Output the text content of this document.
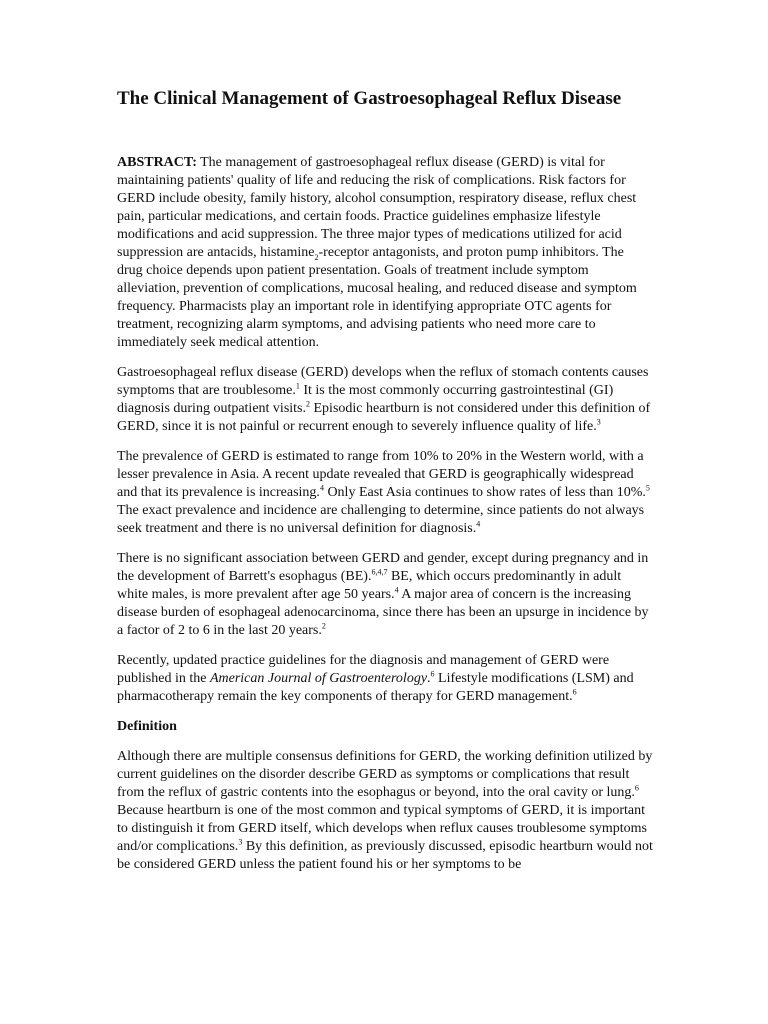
The Clinical Management of Gastroesophageal Reflux Disease

ABSTRACT: The management of gastroesophageal reflux disease (GERD) is vital for maintaining patients' quality of life and reducing the risk of complications. Risk factors for GERD include obesity, family history, alcohol consumption, respiratory disease, reflux chest pain, particular medications, and certain foods. Practice guidelines emphasize lifestyle modifications and acid suppression. The three major types of medications utilized for acid suppression are antacids, histamine$_2$-receptor antagonists, and proton pump inhibitors. The drug choice depends upon patient presentation. Goals of treatment include symptom alleviation, prevention of complications, mucosal healing, and reduced disease and symptom frequency. Pharmacists play an important role in identifying appropriate OTC agents for treatment, recognizing alarm symptoms, and advising patients who need more care to immediately seek medical attention.

Gastroesophageal reflux disease (GERD) develops when the reflux of stomach contents causes symptoms that are troublesome.$^1$ It is the most commonly occurring gastrointestinal (GI) diagnosis during outpatient visits.$^2$ Episodic heartburn is not considered under this definition of GERD, since it is not painful or recurrent enough to severely influence quality of life.$^3$

The prevalence of GERD is estimated to range from 10% to 20% in the Western world, with a lesser prevalence in Asia. A recent update revealed that GERD is geographically widespread and that its prevalence is increasing.$^4$ Only East Asia continues to show rates of less than 10%.$^5$ The exact prevalence and incidence are challenging to determine, since patients do not always seek treatment and there is no universal definition for diagnosis.$^4$

There is no significant association between GERD and gender, except during pregnancy and in the development of Barrett's esophagus (BE).$^{6,4,7}$ BE, which occurs predominantly in adult white males, is more prevalent after age 50 years.$^4$ A major area of concern is the increasing disease burden of esophageal adenocarcinoma, since there has been an upsurge in incidence by a factor of 2 to 6 in the last 20 years.$^2$

Recently, updated practice guidelines for the diagnosis and management of GERD were published in the American Journal of Gastroenterology.$^6$ Lifestyle modifications (LSM) and pharmacotherapy remain the key components of therapy for GERD management.$^6$

Definition

Although there are multiple consensus definitions for GERD, the working definition utilized by current guidelines on the disorder describe GERD as symptoms or complications that result from the reflux of gastric contents into the esophagus or beyond, into the oral cavity or lung.$^6$ Because heartburn is one of the most common and typical symptoms of GERD, it is important to distinguish it from GERD itself, which develops when reflux causes troublesome symptoms and/or complications.$^3$ By this definition, as previously discussed, episodic heartburn would not be considered GERD unless the patient found his or her symptoms to be
